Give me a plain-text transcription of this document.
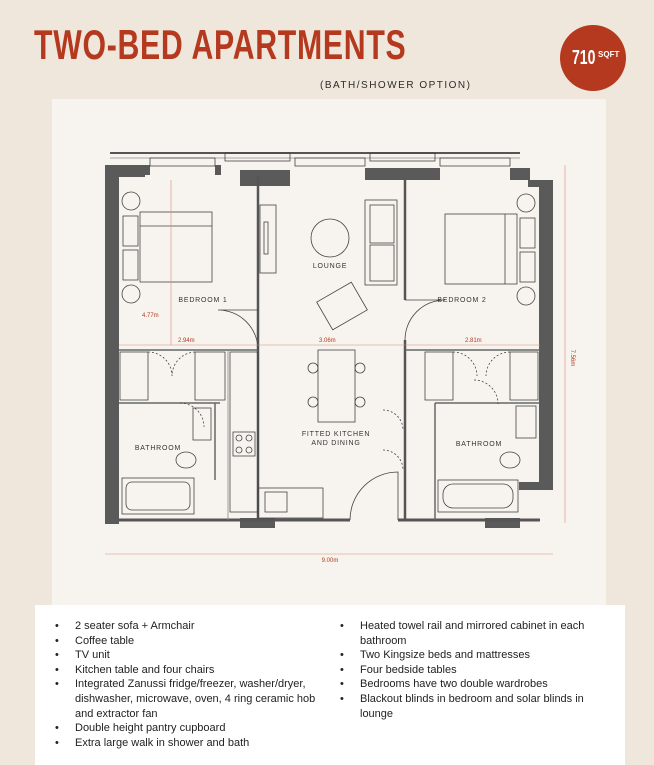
TWO-BED APARTMENTS
(BATH/SHOWER OPTION)
710 SQFT
LOUNGE
BEDROOM 1	BEDROOM 2
FITTED KITCHEN
AND DINING
BATHROOM
BATHROOM
4.77m
2.94m	3.06m	2.81m
7.56m
9.00m
• 2 seater sofa + Armchair
• Coffee table
• TV unit
• Kitchen table and four chairs
• Integrated Zanussi fridge/freezer, washer/dryer, dishwasher, microwave, oven, 4 ring ceramic hob and extractor fan
• Double height pantry cupboard
• Extra large walk in shower and bath
• Heated towel rail and mirrored cabinet in each bathroom
• Two Kingsize beds and mattresses
• Four bedside tables
• Bedrooms have two double wardrobes
• Blackout blinds in bedroom and solar blinds in lounge
